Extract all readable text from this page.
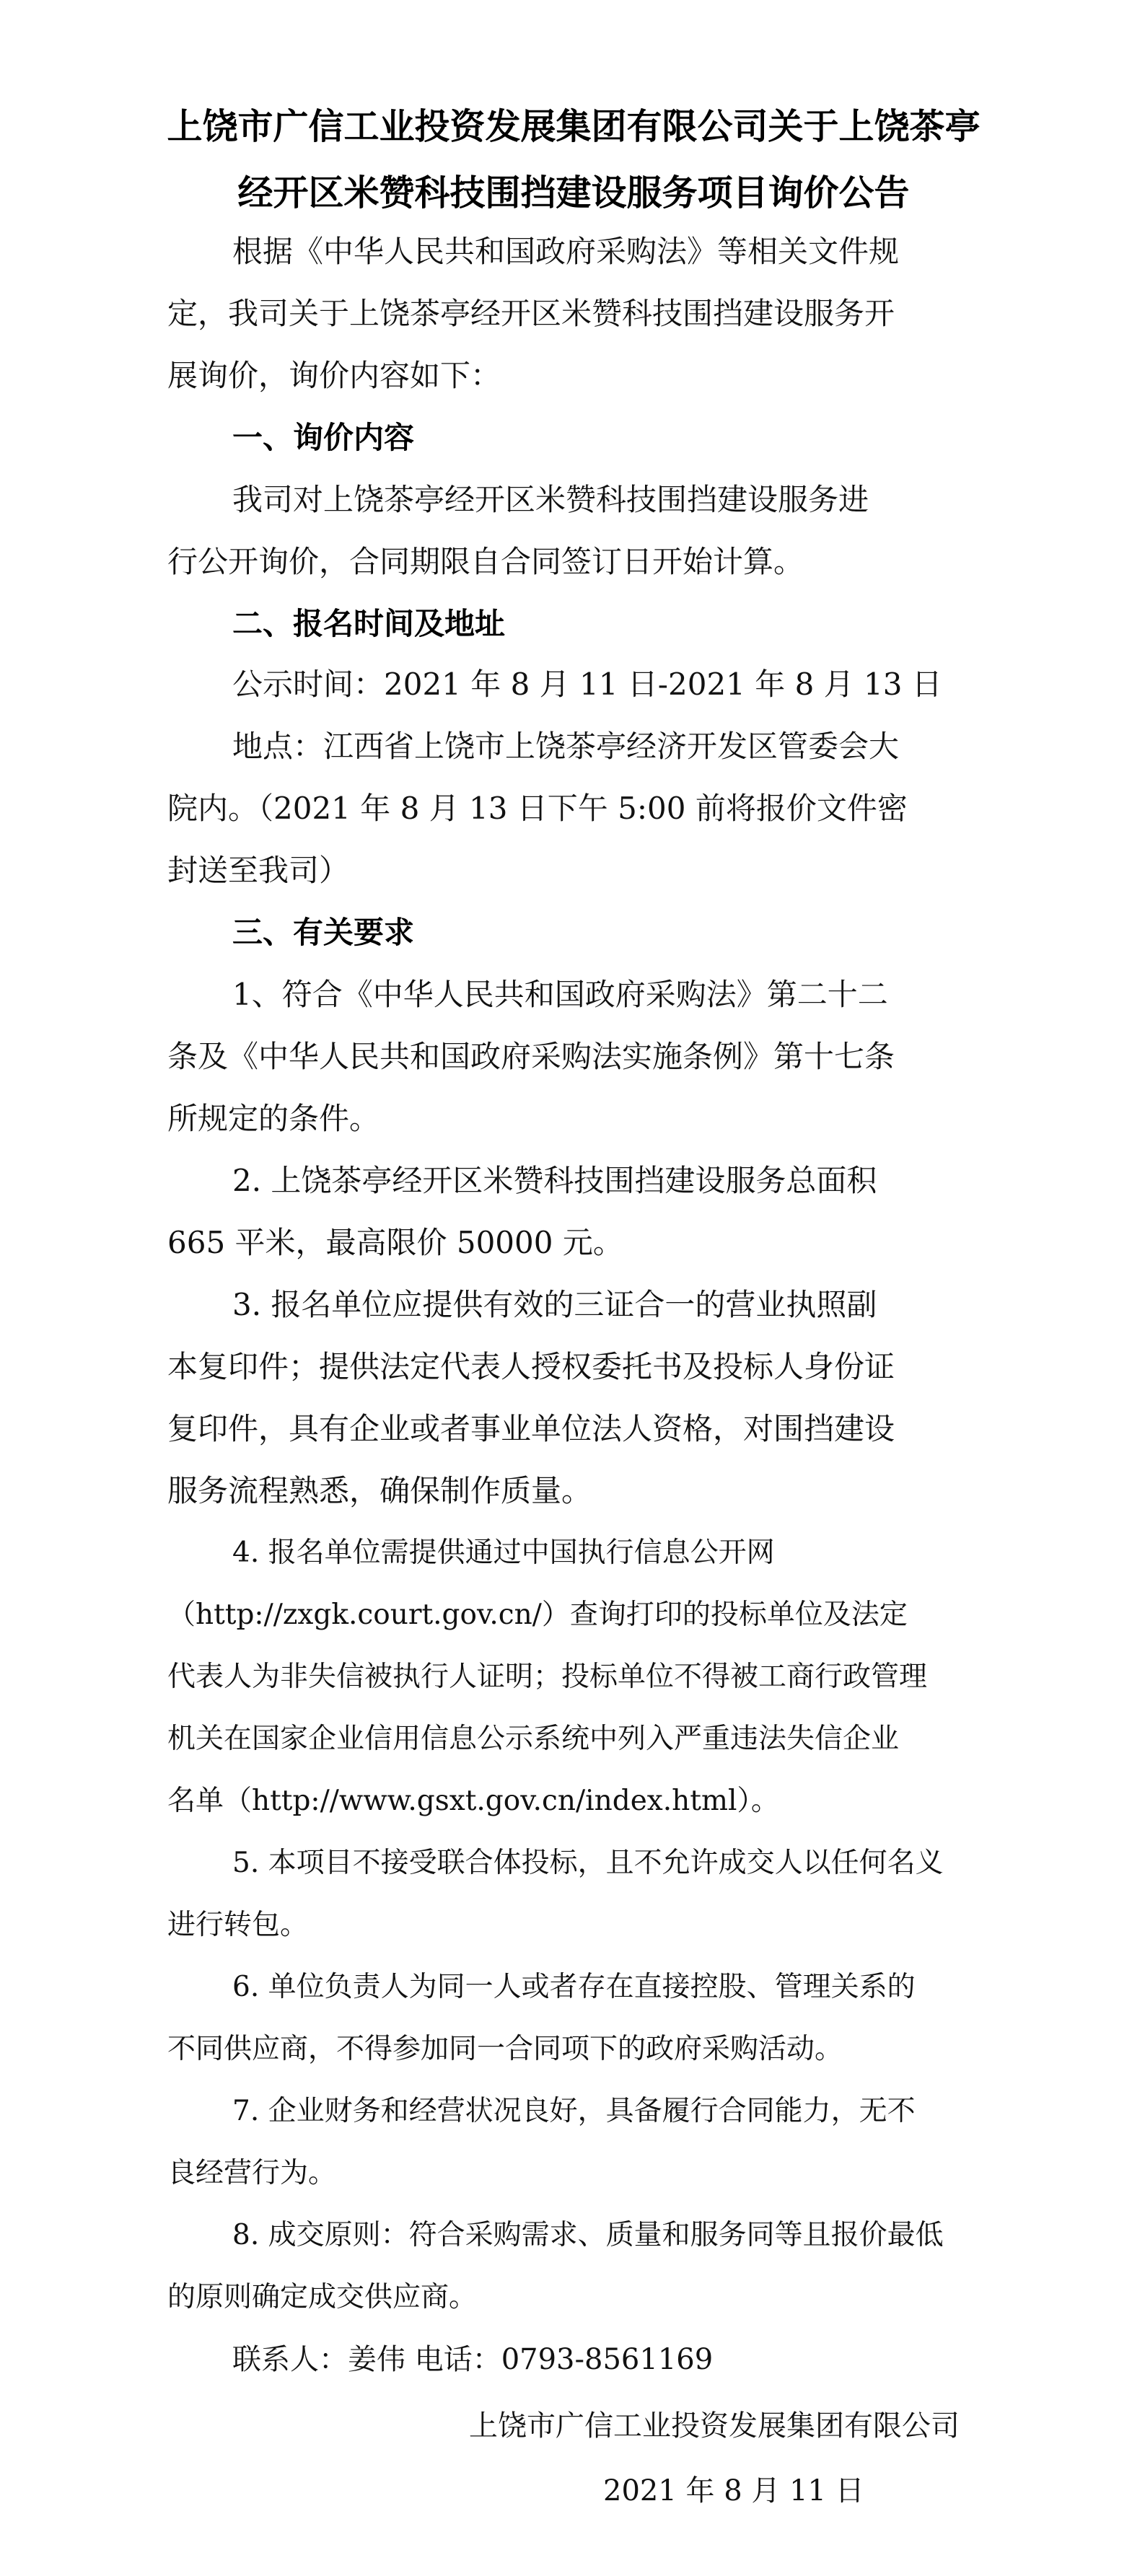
上饶市广信工业投资发展集团有限公司关于上饶茶亭
经开区米赞科技围挡建设服务项目询价公告
根据《中华人民共和国政府采购法》等相关文件规
定，我司关于上饶茶亭经开区米赞科技围挡建设服务开
展询价，询价内容如下：
一、询价内容
我司对上饶茶亭经开区米赞科技围挡建设服务进
行公开询价，合同期限自合同签订日开始计算。
二、报名时间及地址
公示时间：2021 年 8 月 11 日-2021 年 8 月 13 日
地点：江西省上饶市上饶茶亭经济开发区管委会大
院内。（2021 年 8 月 13 日下午 5:00 前将报价文件密
封送至我司）
三、有关要求
1、符合《中华人民共和国政府采购法》第二十二
条及《中华人民共和国政府采购法实施条例》第十七条
所规定的条件。
2. 上饶茶亭经开区米赞科技围挡建设服务总面积
665 平米，最高限价 50000 元。
3. 报名单位应提供有效的三证合一的营业执照副
本复印件；提供法定代表人授权委托书及投标人身份证
复印件，具有企业或者事业单位法人资格，对围挡建设
服务流程熟悉，确保制作质量。
4. 报名单位需提供通过中国执行信息公开网
（http://zxgk.court.gov.cn/）查询打印的投标单位及法定
代表人为非失信被执行人证明；投标单位不得被工商行政管理
机关在国家企业信用信息公示系统中列入严重违法失信企业
名单（http://www.gsxt.gov.cn/index.html）。
5. 本项目不接受联合体投标，且不允许成交人以任何名义
进行转包。
6. 单位负责人为同一人或者存在直接控股、管理关系的
不同供应商，不得参加同一合同项下的政府采购活动。
7. 企业财务和经营状况良好，具备履行合同能力，无不
良经营行为。
8. 成交原则：符合采购需求、质量和服务同等且报价最低
的原则确定成交供应商。
联系人：姜伟 电话：0793-8561169
上饶市广信工业投资发展集团有限公司
2021 年 8 月 11 日
